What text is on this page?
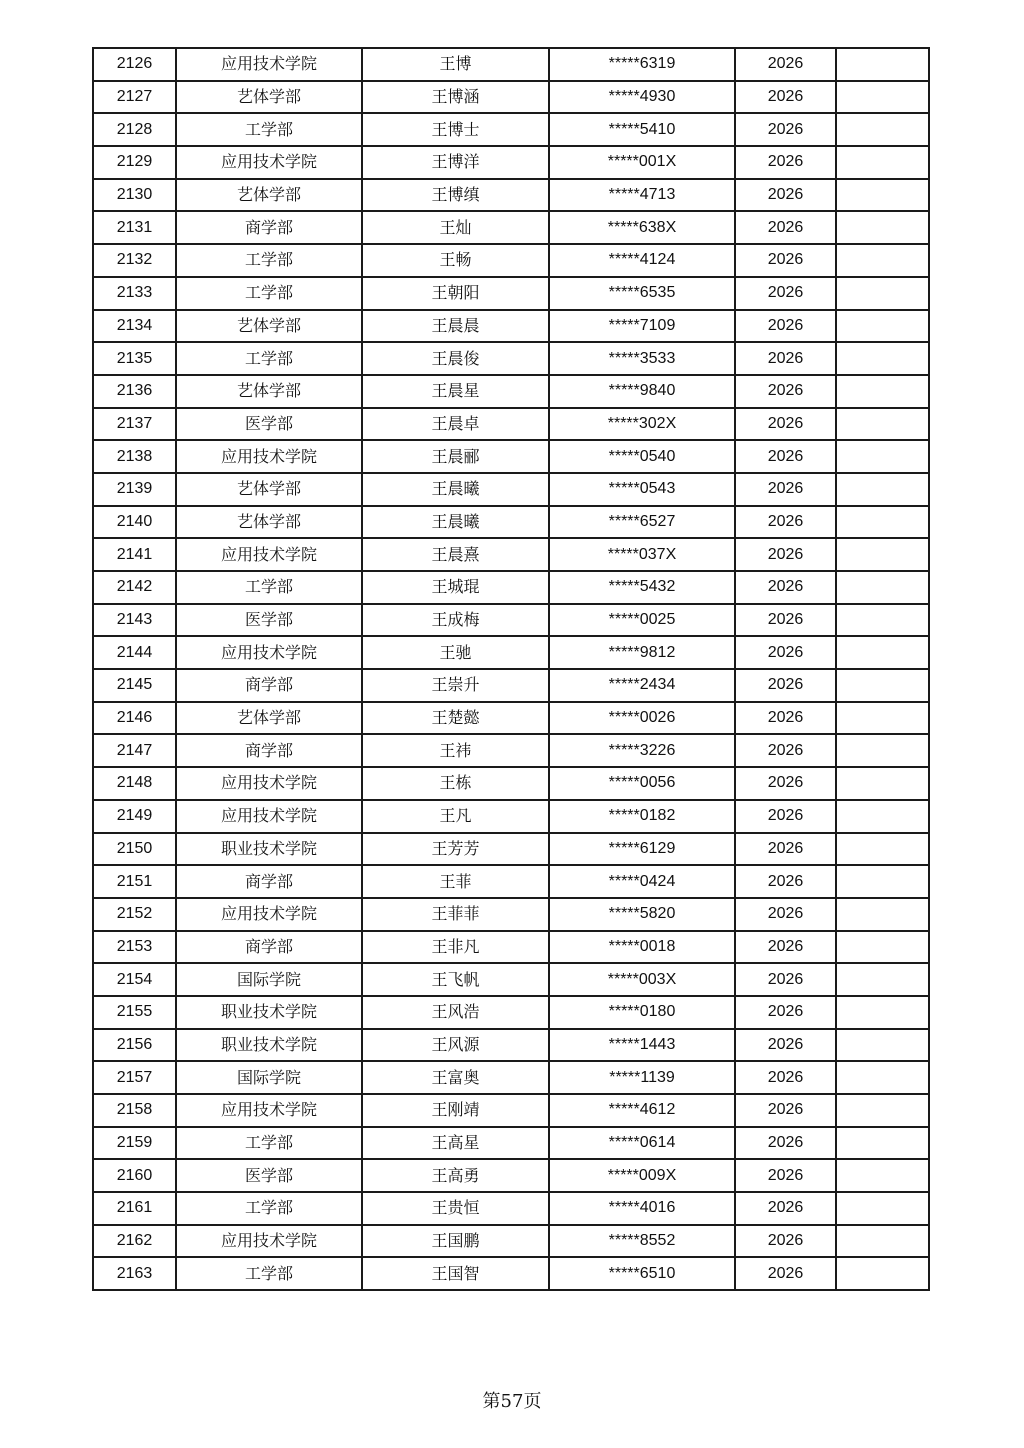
2126	应用技术学院	王博	*****6319	2026	
2127	艺体学部	王博涵	*****4930	2026	
2128	工学部	王博士	*****5410	2026	
2129	应用技术学院	王博洋	*****001X	2026	
2130	艺体学部	王博缜	*****4713	2026	
2131	商学部	王灿	*****638X	2026	
2132	工学部	王畅	*****4124	2026	
2133	工学部	王朝阳	*****6535	2026	
2134	艺体学部	王晨晨	*****7109	2026	
2135	工学部	王晨俊	*****3533	2026	
2136	艺体学部	王晨星	*****9840	2026	
2137	医学部	王晨卓	*****302X	2026	
2138	应用技术学院	王晨郦	*****0540	2026	
2139	艺体学部	王晨曦	*****0543	2026	
2140	艺体学部	王晨曦	*****6527	2026	
2141	应用技术学院	王晨熹	*****037X	2026	
2142	工学部	王城琨	*****5432	2026	
2143	医学部	王成梅	*****0025	2026	
2144	应用技术学院	王驰	*****9812	2026	
2145	商学部	王崇升	*****2434	2026	
2146	艺体学部	王楚懿	*****0026	2026	
2147	商学部	王祎	*****3226	2026	
2148	应用技术学院	王栋	*****0056	2026	
2149	应用技术学院	王凡	*****0182	2026	
2150	职业技术学院	王芳芳	*****6129	2026	
2151	商学部	王菲	*****0424	2026	
2152	应用技术学院	王菲菲	*****5820	2026	
2153	商学部	王非凡	*****0018	2026	
2154	国际学院	王飞帆	*****003X	2026	
2155	职业技术学院	王风浩	*****0180	2026	
2156	职业技术学院	王风源	*****1443	2026	
2157	国际学院	王富奥	*****1139	2026	
2158	应用技术学院	王刚靖	*****4612	2026	
2159	工学部	王高星	*****0614	2026	
2160	医学部	王高勇	*****009X	2026	
2161	工学部	王贵恒	*****4016	2026	
2162	应用技术学院	王国鹏	*****8552	2026	
2163	工学部	王国智	*****6510	2026	
第57页
